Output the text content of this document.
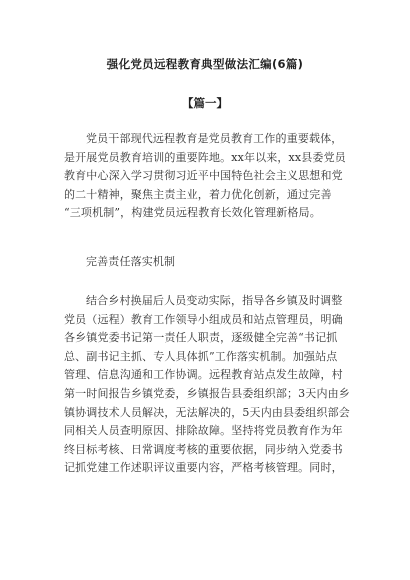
强化党员远程教育典型做法汇编(6篇)
【篇一】
党员干部现代远程教育是党员教育工作的重要载体，
是开展党员教育培训的重要阵地。xx年以来，xx县委党员
教育中心深入学习贯彻习近平中国特色社会主义思想和党
的二十精神，聚焦主责主业，着力优化创新，通过完善
“三项机制”，构建党员远程教育长效化管理新格局。
完善责任落实机制
结合乡村换届后人员变动实际，指导各乡镇及时调整
党员（远程）教育工作领导小组成员和站点管理员，明确
各乡镇党委书记第一责任人职责，逐级健全完善“书记抓
总、副书记主抓、专人具体抓”工作落实机制。加强站点
管理、信息沟通和工作协调。远程教育站点发生故障，村
第一时间报告乡镇党委，乡镇报告县委组织部；3天内由乡
镇协调技术人员解决，无法解决的，5天内由县委组织部会
同相关人员查明原因、排除故障。坚持将党员教育作为年
终目标考核、日常调度考核的重要依据，同步纳入党委书
记抓党建工作述职评议重要内容，严格考核管理。同时，
